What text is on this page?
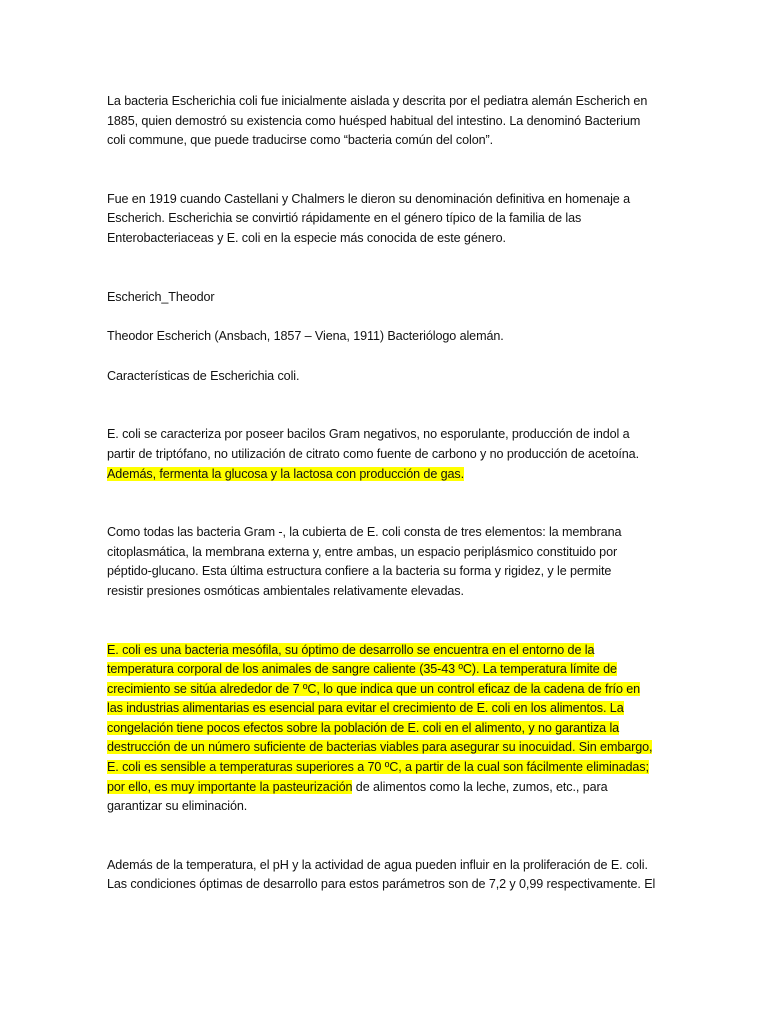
La bacteria Escherichia coli fue inicialmente aislada y descrita por el pediatra alemán Escherich en
1885, quien demostró su existencia como huésped habitual del intestino. La denominó Bacterium
coli commune, que puede traducirse como “bacteria común del colon”.
Fue en 1919 cuando Castellani y Chalmers le dieron su denominación definitiva en homenaje a
Escherich. Escherichia se convirtió rápidamente en el género típico de la familia de las
Enterobacteriaceas y E. coli en la especie más conocida de este género.
Escherich_Theodor
Theodor Escherich (Ansbach, 1857 – Viena, 1911) Bacteriólogo alemán.
Características de Escherichia coli.
E. coli se caracteriza por poseer bacilos Gram negativos, no esporulante, producción de indol a
partir de triptófano, no utilización de citrato como fuente de carbono y no producción de acetoína.
Además, fermenta la glucosa y la lactosa con producción de gas.
Como todas las bacteria Gram -, la cubierta de E. coli consta de tres elementos: la membrana
citoplasmática, la membrana externa y, entre ambas, un espacio periplásmico constituido por
péptido-glucano. Esta última estructura confiere a la bacteria su forma y rigidez, y le permite
resistir presiones osmóticas ambientales relativamente elevadas.
E. coli es una bacteria mesófila, su óptimo de desarrollo se encuentra en el entorno de la
temperatura corporal de los animales de sangre caliente (35-43 ºC). La temperatura límite de
crecimiento se sitúa alrededor de 7 ºC, lo que indica que un control eficaz de la cadena de frío en
las industrias alimentarias es esencial para evitar el crecimiento de E. coli en los alimentos. La
congelación tiene pocos efectos sobre la población de E. coli en el alimento, y no garantiza la
destrucción de un número suficiente de bacterias viables para asegurar su inocuidad. Sin embargo,
E. coli es sensible a temperaturas superiores a 70 ºC, a partir de la cual son fácilmente eliminadas;
por ello, es muy importante la pasteurización de alimentos como la leche, zumos, etc., para
garantizar su eliminación.
Además de la temperatura, el pH y la actividad de agua pueden influir en la proliferación de E. coli.
Las condiciones óptimas de desarrollo para estos parámetros son de 7,2 y 0,99 respectivamente. El
